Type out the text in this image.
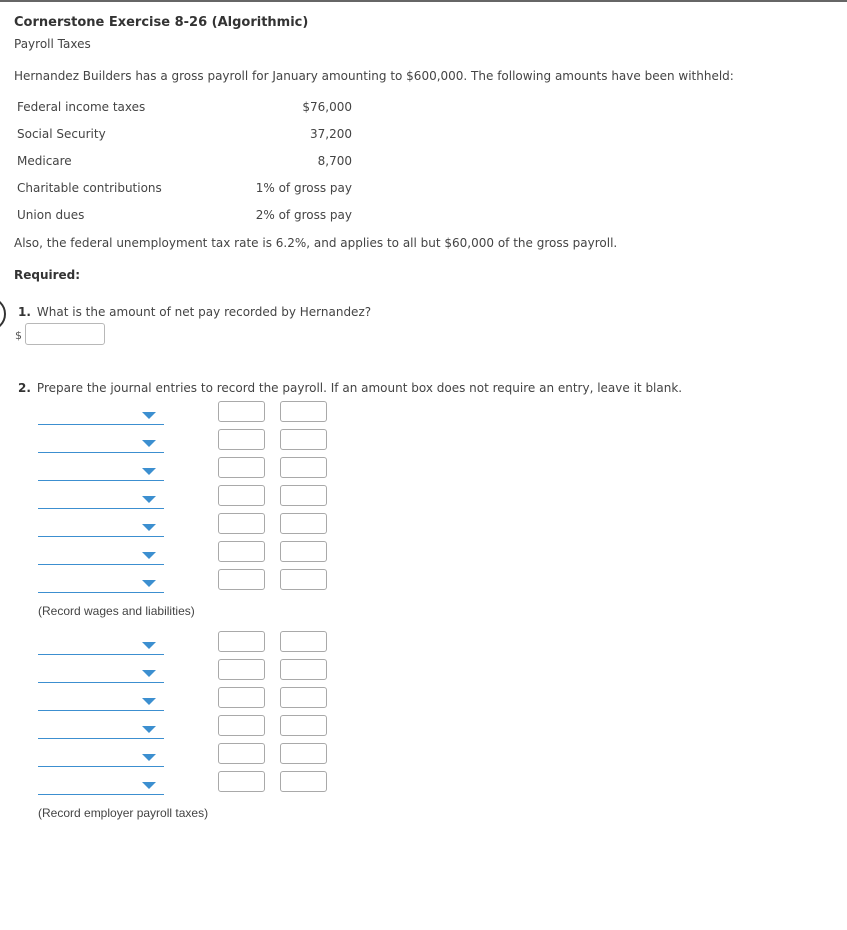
Cornerstone Exercise 8-26 (Algorithmic)
Payroll Taxes
Hernandez Builders has a gross payroll for January amounting to $600,000. The following amounts have been withheld:
Federal income taxes	$76,000
Social Security	37,200
Medicare	8,700
Charitable contributions	1% of gross pay
Union dues	2% of gross pay
Also, the federal unemployment tax rate is 6.2%, and applies to all but $60,000 of the gross payroll.
Required:
1. What is the amount of net pay recorded by Hernandez?
$
2. Prepare the journal entries to record the payroll. If an amount box does not require an entry, leave it blank.
(Record wages and liabilities)
(Record employer payroll taxes)
